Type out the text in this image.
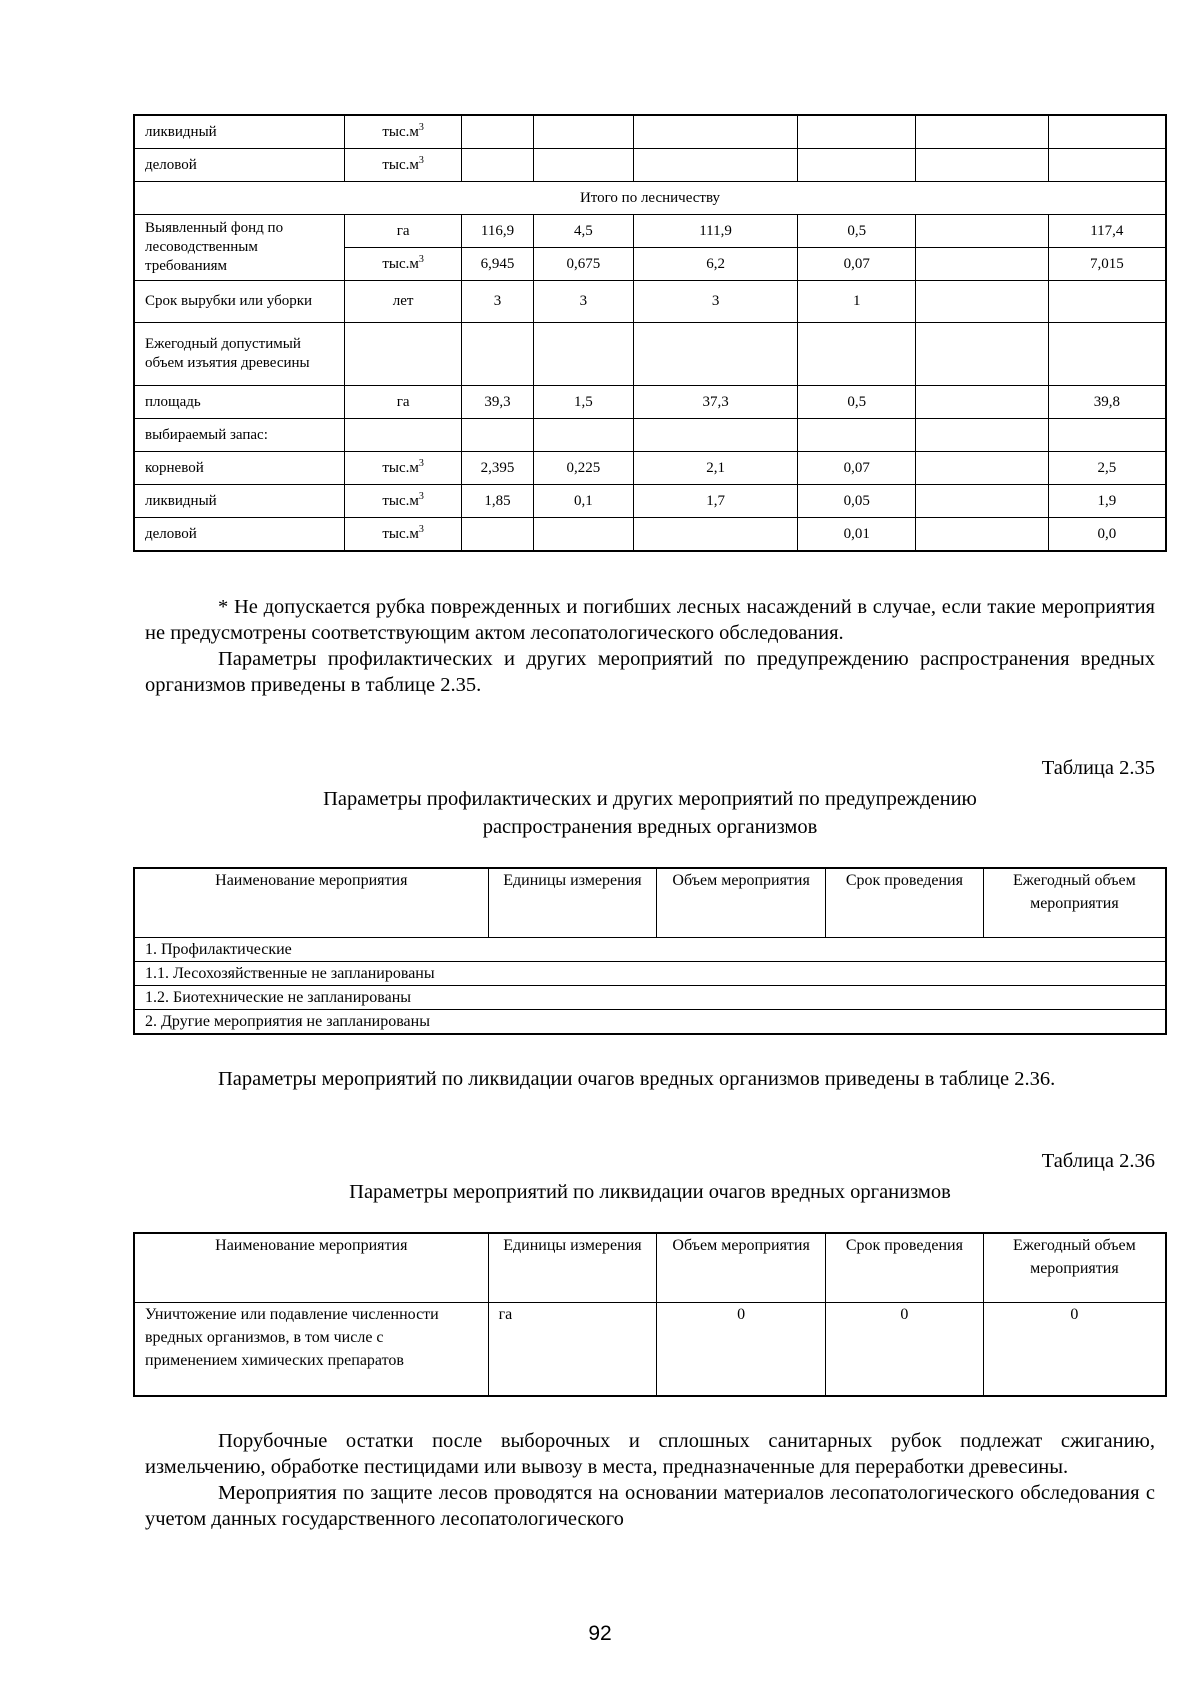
ликвидный	$тыс.м^3$						
деловой	$тыс.м^3$						
Итого по лесничеству							
Выявленный фонд по лесоводственным требованиям	га	116,9	4,5	111,9	0,5		117,4
	$тыс.м^3$	6,945	0,675	6,2	0,07		7,015
Срок вырубки или уборки	лет	3	3	3	1		
Ежегодный допустимый объем изъятия древесины							
площадь	га	39,3	1,5	37,3	0,5		39,8
выбираемый запас:							
корневой	$тыс.м^3$	2,395	0,225	2,1	0,07		2,5
ликвидный	$тыс.м^3$	1,85	0,1	1,7	0,05		1,9
деловой	$тыс.м^3$				0,01		0,0

* Не допускается рубка поврежденных и погибших лесных насаждений в случае, если такие мероприятия не предусмотрены соответствующим актом лесопатологического обследования.

Параметры профилактических и других мероприятий по предупреждению распространения вредных организмов приведены в таблице 2.35.

Таблица 2.35
Параметры профилактических и других мероприятий по предупреждению
распространения вредных организмов
Наименование мероприятия	Единицы измерения	Объем мероприятия	Срок проведения	Ежегодный объем мероприятия
1. Профилактические
1.1. Лесохозяйственные не запланированы
1.2. Биотехнические не запланированы
2. Другие мероприятия не запланированы

Параметры мероприятий по ликвидации очагов вредных организмов приведены в таблице 2.36.

Таблица 2.36
Параметры мероприятий по ликвидации очагов вредных организмов
Наименование мероприятия	Единицы измерения	Объем мероприятия	Срок проведения	Ежегодный объем мероприятия
Уничтожение или подавление численности вредных организмов, в том числе с применением химических препаратов	га	0	0	0

Порубочные остатки после выборочных и сплошных санитарных рубок подлежат сжиганию, измельчению, обработке пестицидами или вывозу в места, предназначенные для переработки древесины.

Мероприятия по защите лесов проводятся на основании материалов лесопатологического обследования с учетом данных государственного лесопатологического

92
